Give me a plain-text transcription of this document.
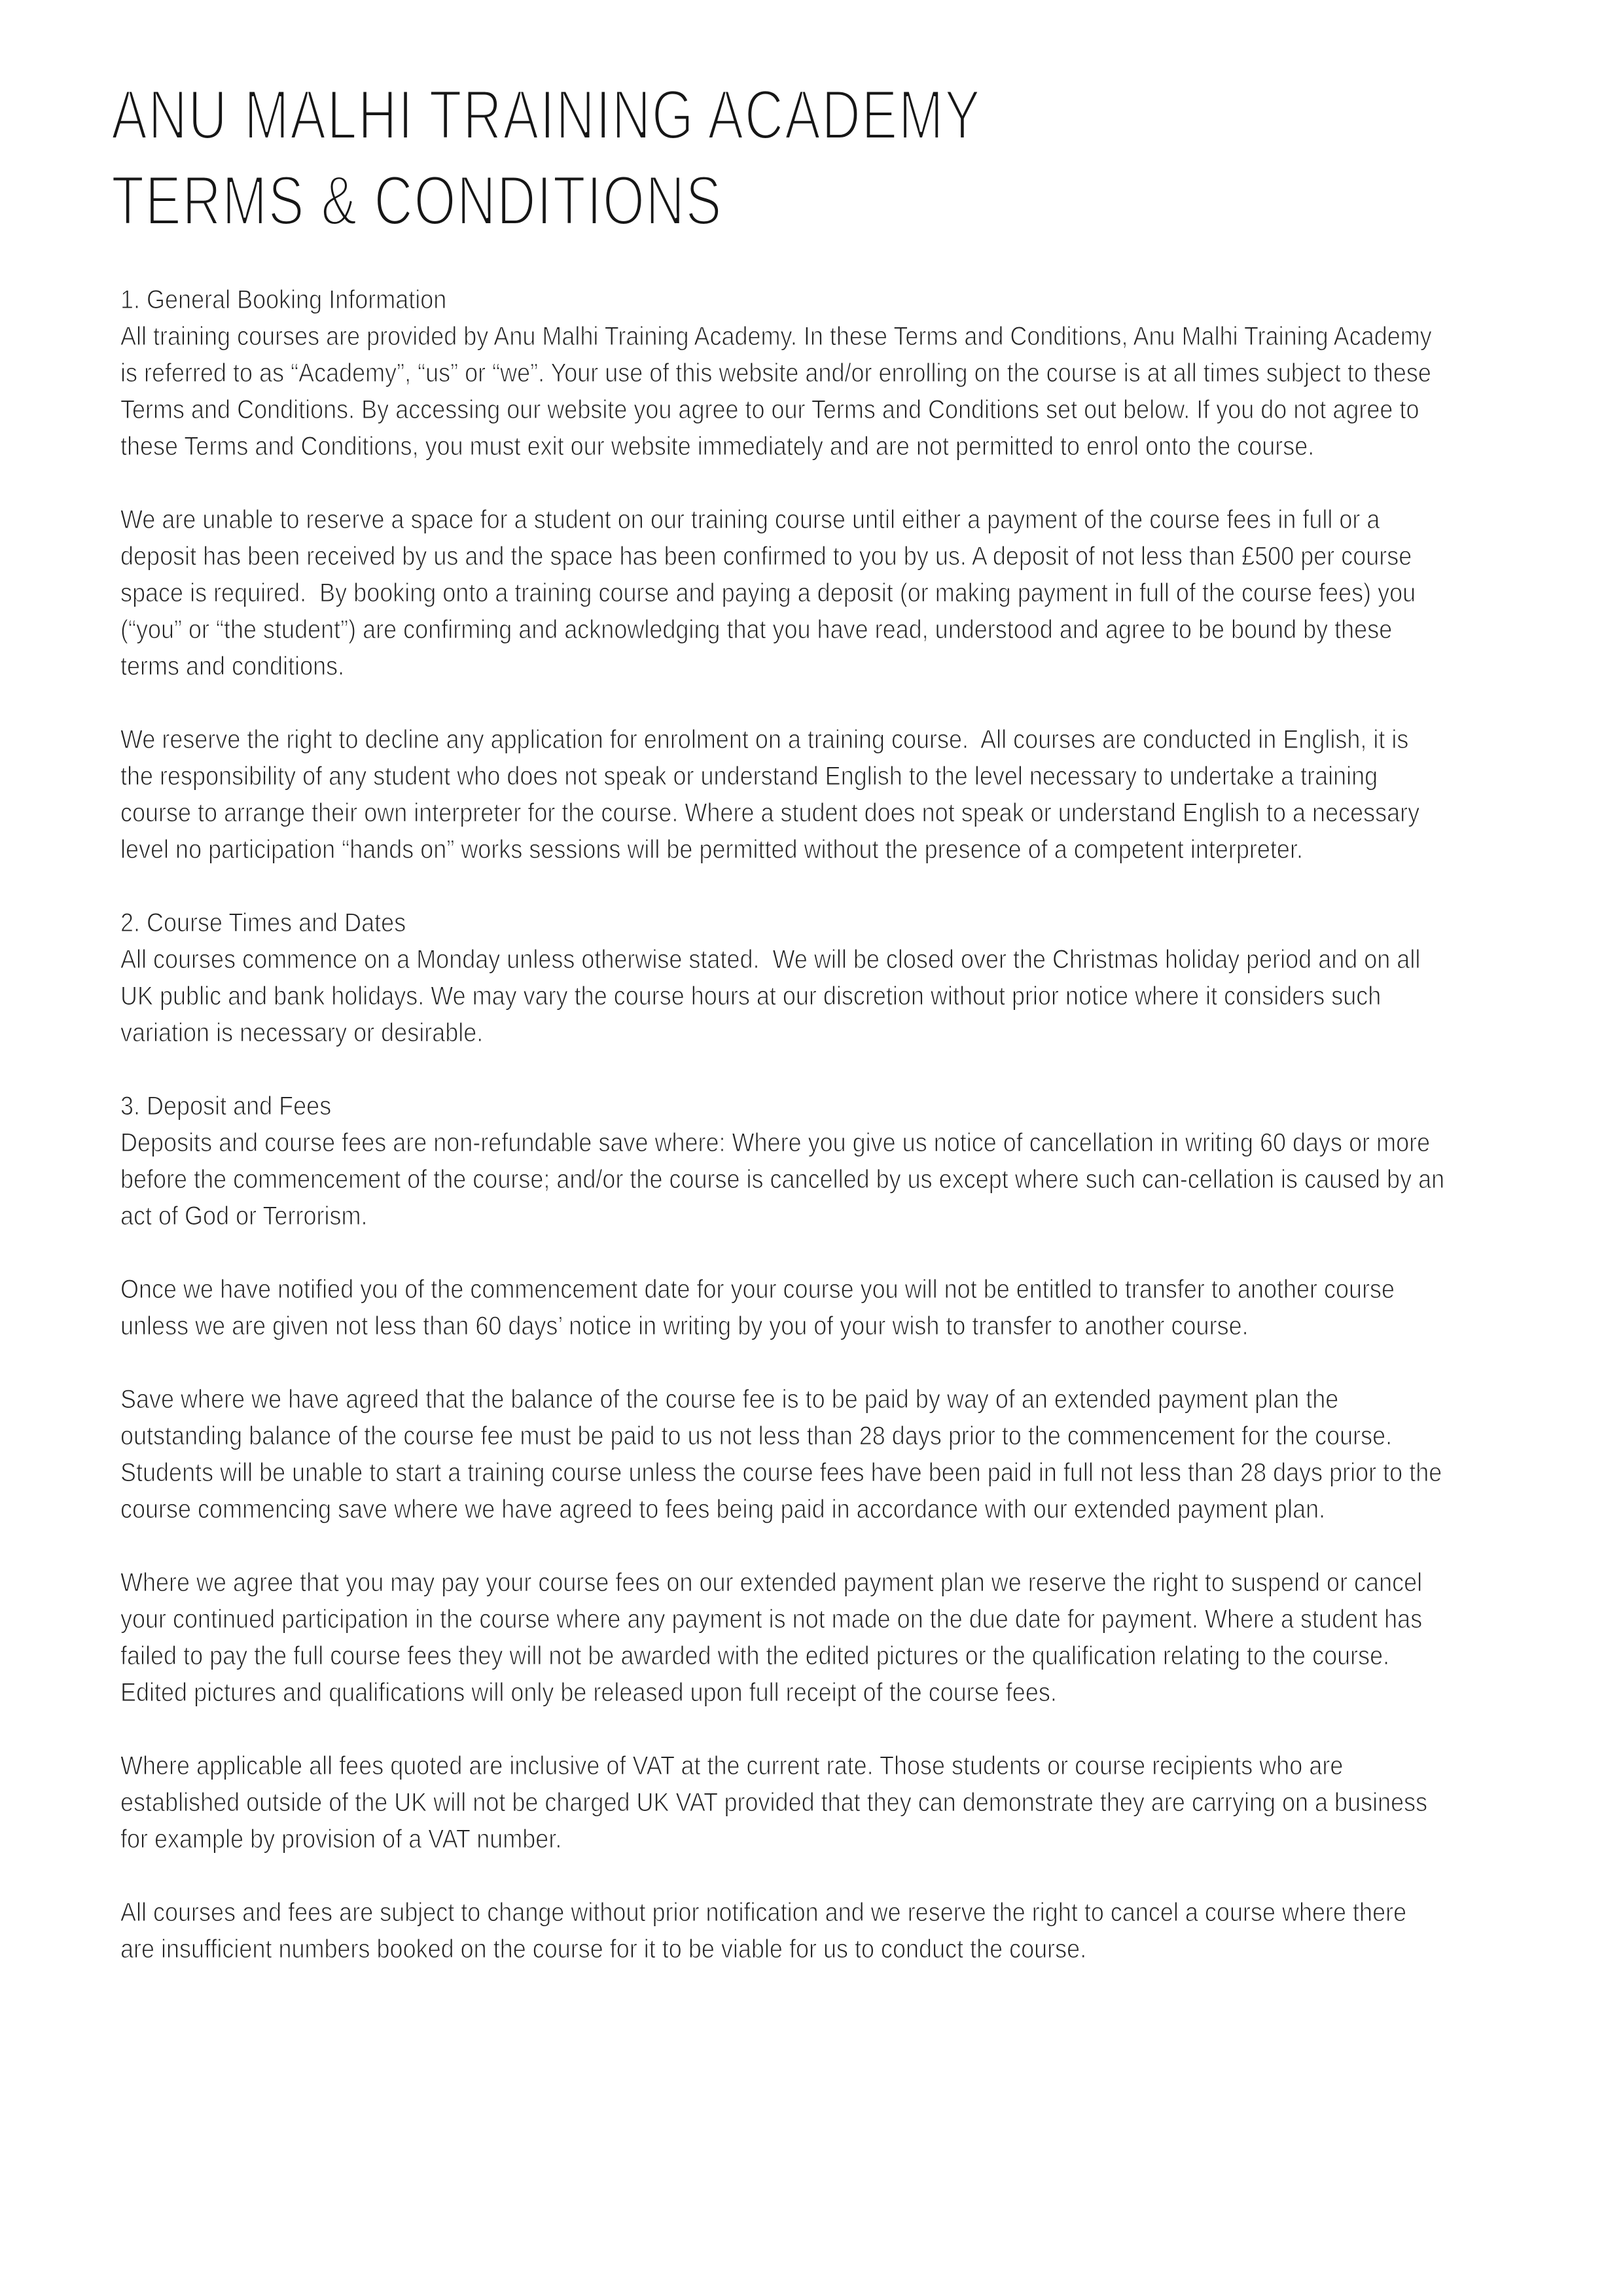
ANU MALHI TRAINING ACADEMY
TERMS & CONDITIONS
1. General Booking Information

All training courses are provided by Anu Malhi Training Academy. In these Terms and Conditions, Anu Malhi Training Academy is referred to as “Academy”, “us” or “we”. Your use of this website and/or enrolling on the course is at all times subject to these Terms and Conditions. By accessing our website you agree to our Terms and Conditions set out below. If you do not agree to these Terms and Conditions, you must exit our website immediately and are not permitted to enrol onto the course.

We are unable to reserve a space for a student on our training course until either a payment of the course fees in full or a deposit has been received by us and the space has been confirmed to you by us. A deposit of not less than £500 per course space is required.  By booking onto a training course and paying a deposit (or making payment in full of the course fees) you (“you” or “the student”) are confirming and acknowledging that you have read, understood and agree to be bound by these terms and conditions.

We reserve the right to decline any application for enrolment on a training course.  All courses are conducted in English, it is the responsibility of any student who does not speak or understand English to the level necessary to undertake a training course to arrange their own interpreter for the course. Where a student does not speak or understand English to a necessary level no participation “hands on” works sessions will be permitted without the presence of a competent interpreter.

2. Course Times and Dates

All courses commence on a Monday unless otherwise stated.  We will be closed over the Christmas holiday period and on all UK public and bank holidays. We may vary the course hours at our discretion without prior notice where it considers such variation is necessary or desirable.

3. Deposit and Fees

Deposits and course fees are non-refundable save where: Where you give us notice of cancellation in writing 60 days or more before the commencement of the course; and/or the course is cancelled by us except where such can-cellation is caused by an act of God or Terrorism.

Once we have notified you of the commencement date for your course you will not be entitled to transfer to another course unless we are given not less than 60 days’ notice in writing by you of your wish to transfer to another course.

Save where we have agreed that the balance of the course fee is to be paid by way of an extended payment plan the outstanding balance of the course fee must be paid to us not less than 28 days prior to the commencement for the course. Students will be unable to start a training course unless the course fees have been paid in full not less than 28 days prior to the course commencing save where we have agreed to fees being paid in accordance with our extended payment plan.

Where we agree that you may pay your course fees on our extended payment plan we reserve the right to suspend or cancel your continued participation in the course where any payment is not made on the due date for payment. Where a student has failed to pay the full course fees they will not be awarded with the edited pictures or the qualification relating to the course.  Edited pictures and qualifications will only be released upon full receipt of the course fees.

Where applicable all fees quoted are inclusive of VAT at the current rate. Those students or course recipients who are established outside of the UK will not be charged UK VAT provided that they can demonstrate they are carrying on a business for example by provision of a VAT number.

All courses and fees are subject to change without prior notification and we reserve the right to cancel a course where there are insufficient numbers booked on the course for it to be viable for us to conduct the course.
